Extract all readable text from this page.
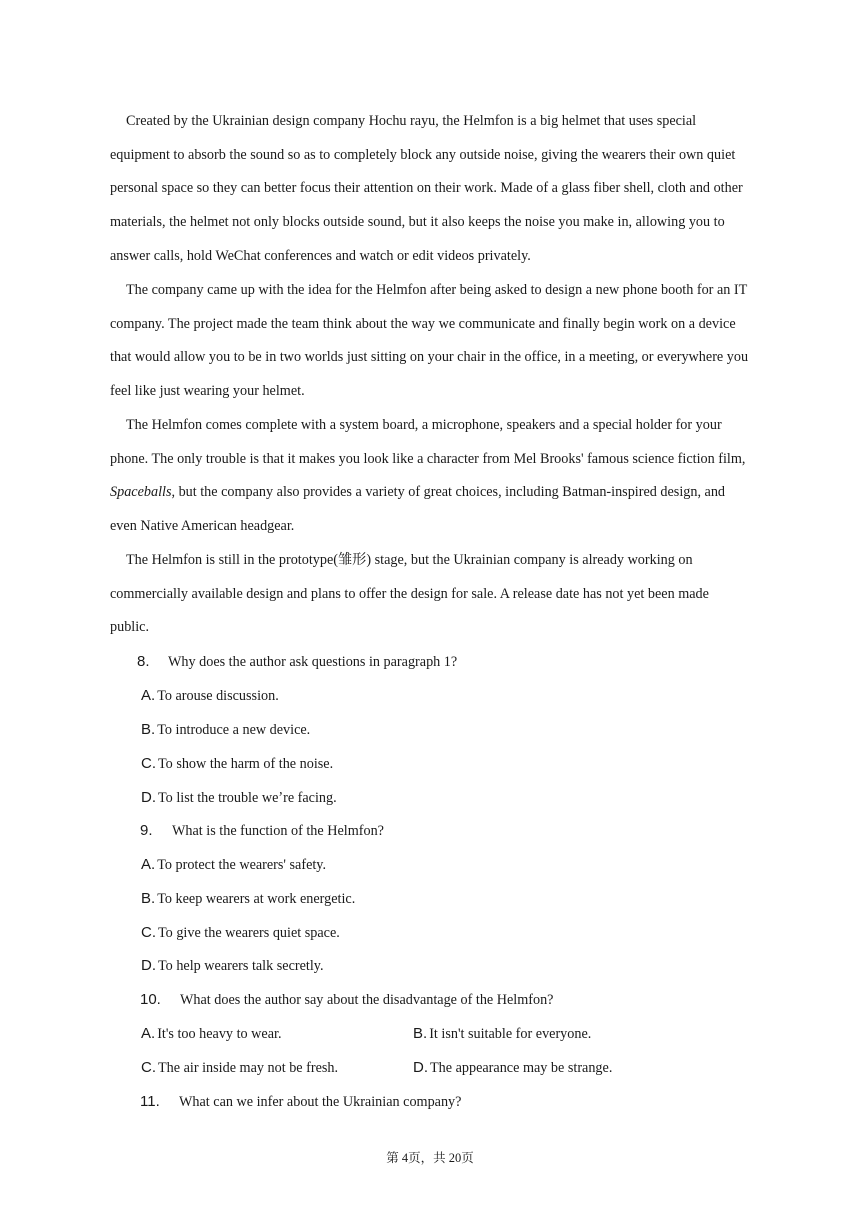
Created by the Ukrainian design company Hochu rayu, the Helmfon is a big helmet that uses special equipment to absorb the sound so as to completely block any outside noise, giving the wearers their own quiet personal space so they can better focus their attention on their work. Made of a glass fiber shell, cloth and other materials, the helmet not only blocks outside sound, but it also keeps the noise you make in, allowing you to answer calls, hold WeChat conferences and watch or edit videos privately.

The company came up with the idea for the Helmfon after being asked to design a new phone booth for an IT company. The project made the team think about the way we communicate and finally begin work on a device that would allow you to be in two worlds just sitting on your chair in the office, in a meeting, or everywhere you feel like just wearing your helmet.

The Helmfon comes complete with a system board, a microphone, speakers and a special holder for your phone. The only trouble is that it makes you look like a character from Mel Brooks' famous science fiction film, Spaceballs, but the company also provides a variety of great choices, including Batman-inspired design, and even Native American headgear.

The Helmfon is still in the prototype(雏形) stage, but the Ukrainian company is already working on commercially available design and plans to offer the design for sale. A release date has not yet been made public.

8. Why does the author ask questions in paragraph 1?
A. To arouse discussion.
B. To introduce a new device.
C. To show the harm of the noise.
D. To list the trouble weʼre facing.
9. What is the function of the Helmfon?
A. To protect the wearers' safety.
B. To keep wearers at work energetic.
C. To give the wearers quiet space.
D. To help wearers talk secretly.
10. What does the author say about the disadvantage of the Helmfon?
A. It's too heavy to wear.	B. It isn't suitable for everyone.
C. The air inside may not be fresh.	D. The appearance may be strange.
11. What can we infer about the Ukrainian company?
第 4页，共 20页
